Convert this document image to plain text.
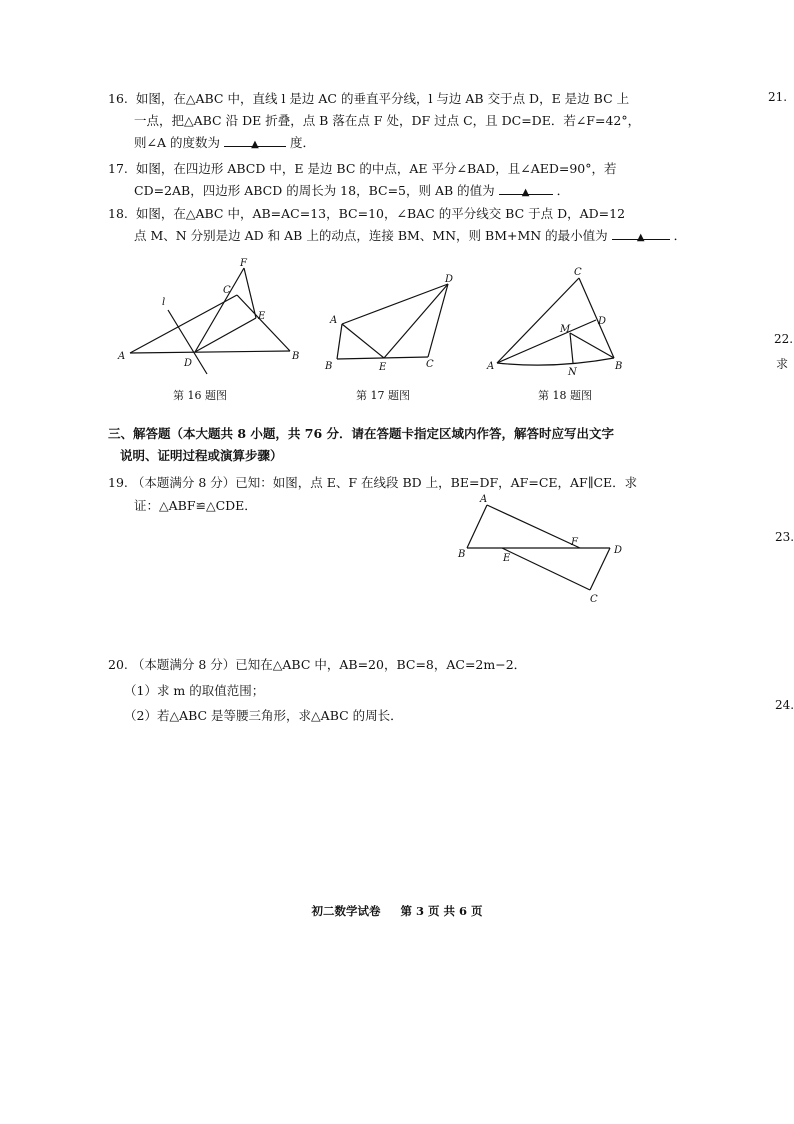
16. 如图，在△ABC 中，直线 l 是边 AC 的垂直平分线，l 与边 AB 交于点 D，E 是边 BC 上
一点，把△ABC 沿 DE 折叠，点 B 落在点 F 处，DF 过点 C，且 DC=DE．若∠F=42°，
则∠A 的度数为	▲ 度．
17. 如图，在四边形 ABCD 中，E 是边 BC 的中点，AE 平分∠BAD，且∠AED=90°，若
CD=2AB，四边形 ABCD 的周长为 18，BC=5，则 AB 的值为	▲ ．
18. 如图，在△ABC 中，AB=AC=13，BC=10，∠BAC 的平分线交 BC 于点 D，AD=12
点 M、N 分别是边 AD 和 AB 上的动点，连接 BM、MN，则 BM+MN 的最小值为	▲ ．
F
C
E
l
A
D
B
第 16 题图
D
A
B	E	C
第 17 题图
C
M
D
A
N
B
第 18 题图
三、解答题（本大题共 8 小题，共 76 分．请在答题卡指定区域内作答，解答时应写出文字
说明、证明过程或演算步骤）
19. （本题满分 8 分）已知：如图，点 E、F 在线段 BD 上，BE=DF，AF=CE，AF∥CE．求
证：△ABF≌△CDE．	A
B	E
F
D
C
20. （本题满分 8 分）已知在△ABC 中，AB=20，BC=8，AC=2m−2．
（1）求 m 的取值范围；
（2）若△ABC 是等腰三角形，求△ABC 的周长．
21.
22.
求
23.
24.
初二数学试卷 第 3 页 共 6 页
